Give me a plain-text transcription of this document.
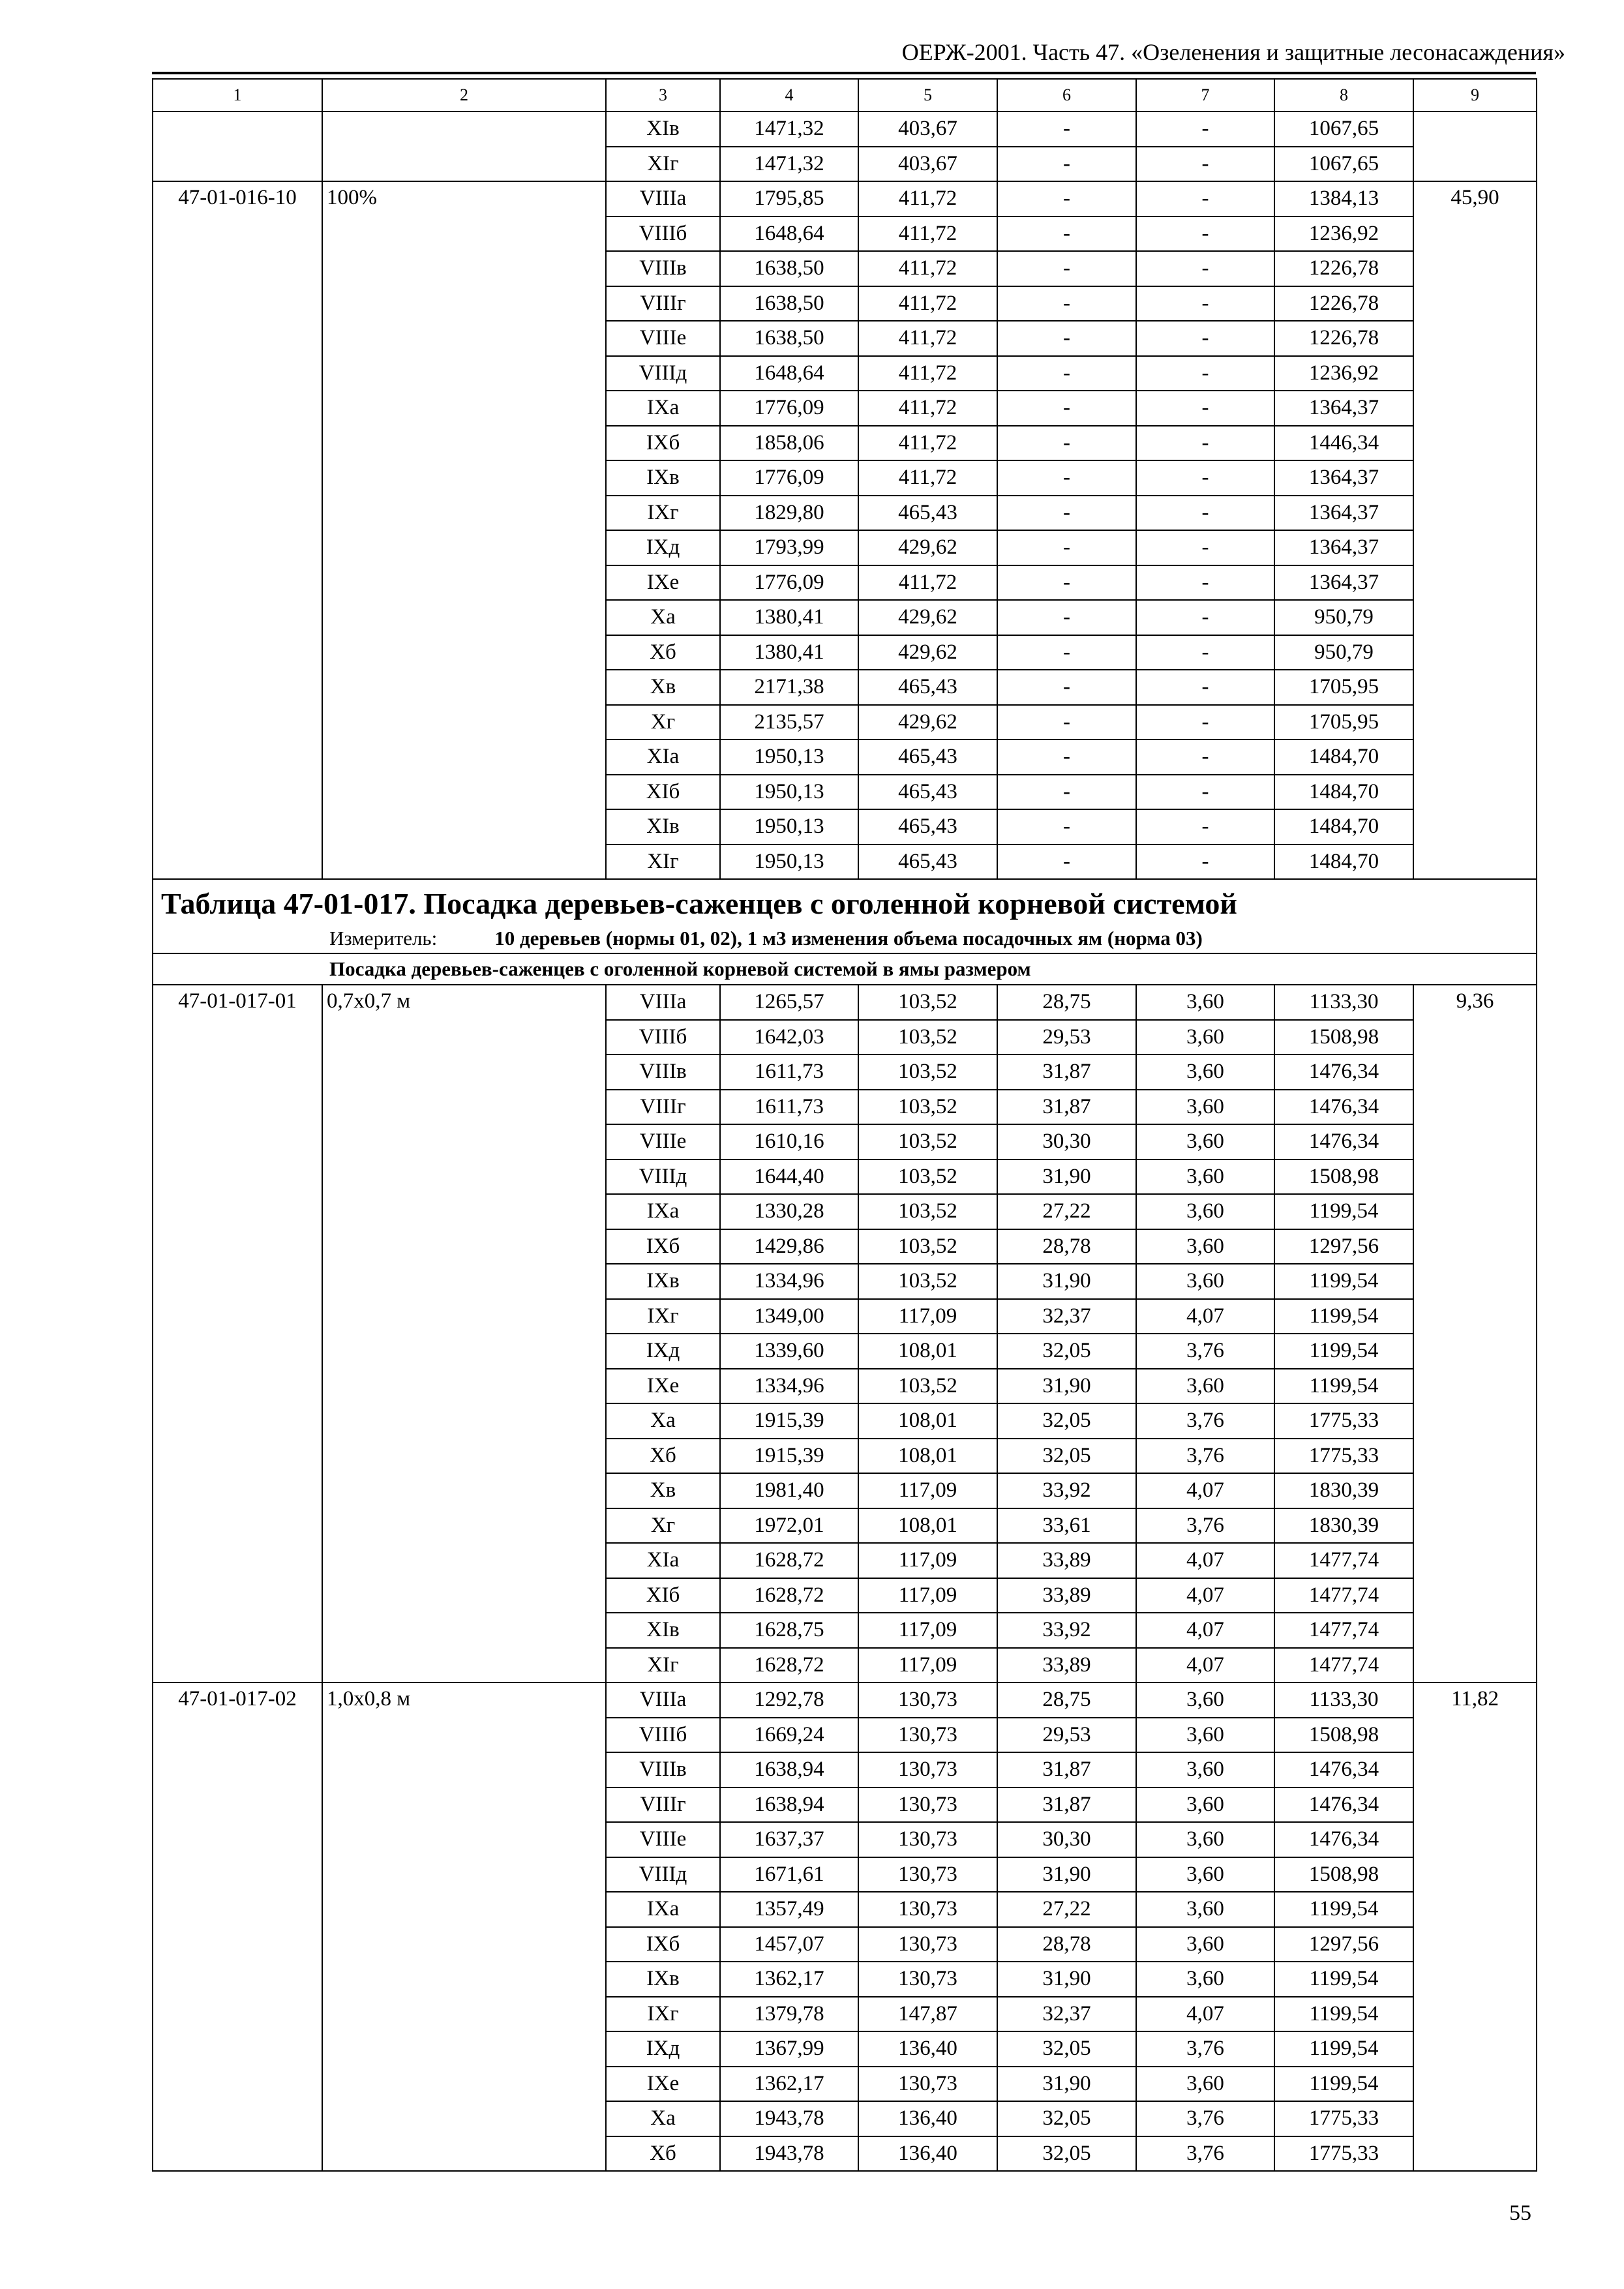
ОЕРЖ-2001. Часть 47. «Озеленения и защитные лесонасаждения»
1	2	3	4	5	6	7	8	9
		XIв	1471,32	403,67	-	-	1067,65	
		XIг	1471,32	403,67	-	-	1067,65	
47-01-016-10	100%	VIIIа	1795,85	411,72	-	-	1384,13	45,90
		VIIIб	1648,64	411,72	-	-	1236,92	
		VIIIв	1638,50	411,72	-	-	1226,78	
		VIIIг	1638,50	411,72	-	-	1226,78	
		VIIIе	1638,50	411,72	-	-	1226,78	
		VIIIд	1648,64	411,72	-	-	1236,92	
		IXа	1776,09	411,72	-	-	1364,37	
		IXб	1858,06	411,72	-	-	1446,34	
		IXв	1776,09	411,72	-	-	1364,37	
		IXг	1829,80	465,43	-	-	1364,37	
		IXд	1793,99	429,62	-	-	1364,37	
		IXе	1776,09	411,72	-	-	1364,37	
		Xа	1380,41	429,62	-	-	950,79	
		Xб	1380,41	429,62	-	-	950,79	
		Xв	2171,38	465,43	-	-	1705,95	
		Xг	2135,57	429,62	-	-	1705,95	
		XIа	1950,13	465,43	-	-	1484,70	
		XIб	1950,13	465,43	-	-	1484,70	
		XIв	1950,13	465,43	-	-	1484,70	
		XIг	1950,13	465,43	-	-	1484,70	
Таблица 47-01-017. Посадка деревьев-саженцев с оголенной корневой системой								
Измеритель: 10 деревьев (нормы 01, 02), 1 м3 изменения объема посадочных ям (норма 03)								
Посадка деревьев-саженцев с оголенной корневой системой в ямы размером								
47-01-017-01	0,7x0,7 м	VIIIа	1265,57	103,52	28,75	3,60	1133,30	9,36
		VIIIб	1642,03	103,52	29,53	3,60	1508,98	
		VIIIв	1611,73	103,52	31,87	3,60	1476,34	
		VIIIг	1611,73	103,52	31,87	3,60	1476,34	
		VIIIе	1610,16	103,52	30,30	3,60	1476,34	
		VIIIд	1644,40	103,52	31,90	3,60	1508,98	
		IXа	1330,28	103,52	27,22	3,60	1199,54	
		IXб	1429,86	103,52	28,78	3,60	1297,56	
		IXв	1334,96	103,52	31,90	3,60	1199,54	
		IXг	1349,00	117,09	32,37	4,07	1199,54	
		IXд	1339,60	108,01	32,05	3,76	1199,54	
		IXе	1334,96	103,52	31,90	3,60	1199,54	
		Xа	1915,39	108,01	32,05	3,76	1775,33	
		Xб	1915,39	108,01	32,05	3,76	1775,33	
		Xв	1981,40	117,09	33,92	4,07	1830,39	
		Xг	1972,01	108,01	33,61	3,76	1830,39	
		XIа	1628,72	117,09	33,89	4,07	1477,74	
		XIб	1628,72	117,09	33,89	4,07	1477,74	
		XIв	1628,75	117,09	33,92	4,07	1477,74	
		XIг	1628,72	117,09	33,89	4,07	1477,74	
47-01-017-02	1,0x0,8 м	VIIIа	1292,78	130,73	28,75	3,60	1133,30	11,82
		VIIIб	1669,24	130,73	29,53	3,60	1508,98	
		VIIIв	1638,94	130,73	31,87	3,60	1476,34	
		VIIIг	1638,94	130,73	31,87	3,60	1476,34	
		VIIIе	1637,37	130,73	30,30	3,60	1476,34	
		VIIIд	1671,61	130,73	31,90	3,60	1508,98	
		IXа	1357,49	130,73	27,22	3,60	1199,54	
		IXб	1457,07	130,73	28,78	3,60	1297,56	
		IXв	1362,17	130,73	31,90	3,60	1199,54	
		IXг	1379,78	147,87	32,37	4,07	1199,54	
		IXд	1367,99	136,40	32,05	3,76	1199,54	
		IXе	1362,17	130,73	31,90	3,60	1199,54	
		Xа	1943,78	136,40	32,05	3,76	1775,33	
		Xб	1943,78	136,40	32,05	3,76	1775,33	
55
